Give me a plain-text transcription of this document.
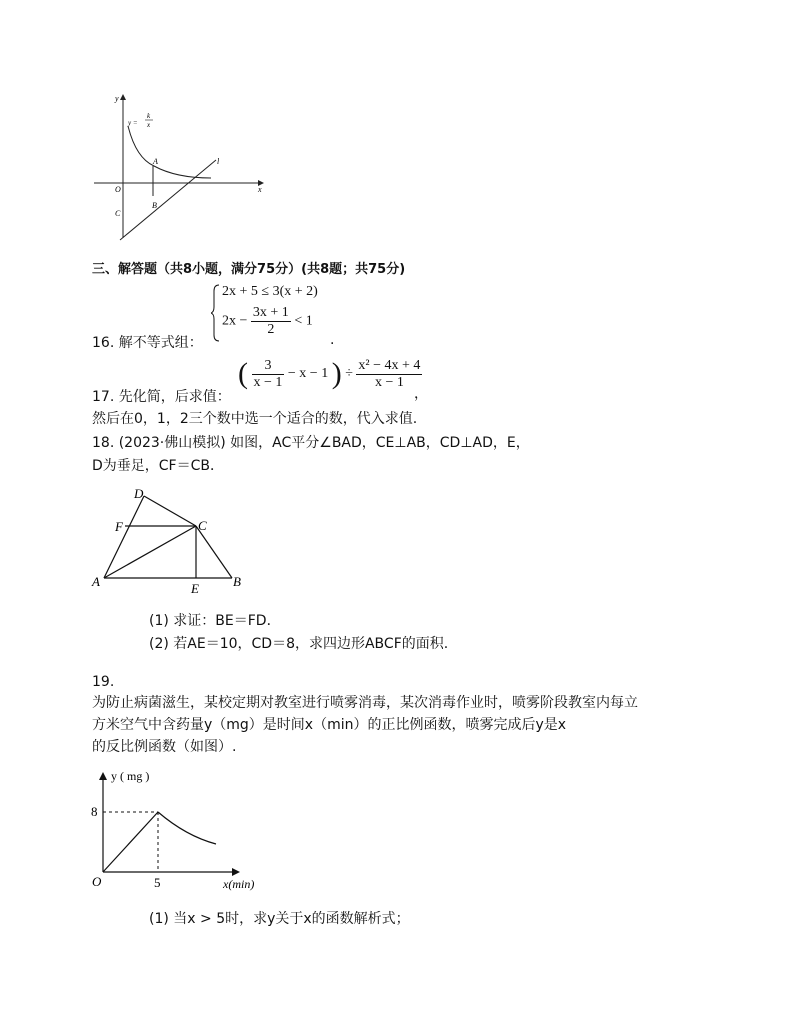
y
x
O
y =
k
x
l
A
B
C
三、解答题（共8小题，满分75分）(共8题；共75分)
16. 解不等式组：
2x + 5 ≤ 3(x + 2)
$2x - \frac{3x + 1}{2} < 1$
.
17. 先化简，后求值：
( $\frac{3}{x - 1} - x - 1$ ) ÷ $\frac{\text{x² − 4x + 4}}{x - 1}$
，
然后在0，1，2三个数中选一个适合的数，代入求值.
18. (2023·佛山模拟) 如图，AC平分∠BAD，CE⊥AB，CD⊥AD，E，
D为垂足，CF＝CB．
A	B
C
D
E
F
(1) 求证：BE＝FD．
(2) 若AE＝10，CD＝8，求四边形ABCF的面积.
19.
为防止病菌滋生，某校定期对教室进行喷雾消毒，某次消毒作业时，喷雾阶段教室内每立
方米空气中含药量y（mg）是时间x（min）的正比例函数，喷雾完成后y是x
的反比例函数（如图）.
y ( mg )
x(min)
O
8
5
(1) 当x > 5时，求y关于x的函数解析式；
